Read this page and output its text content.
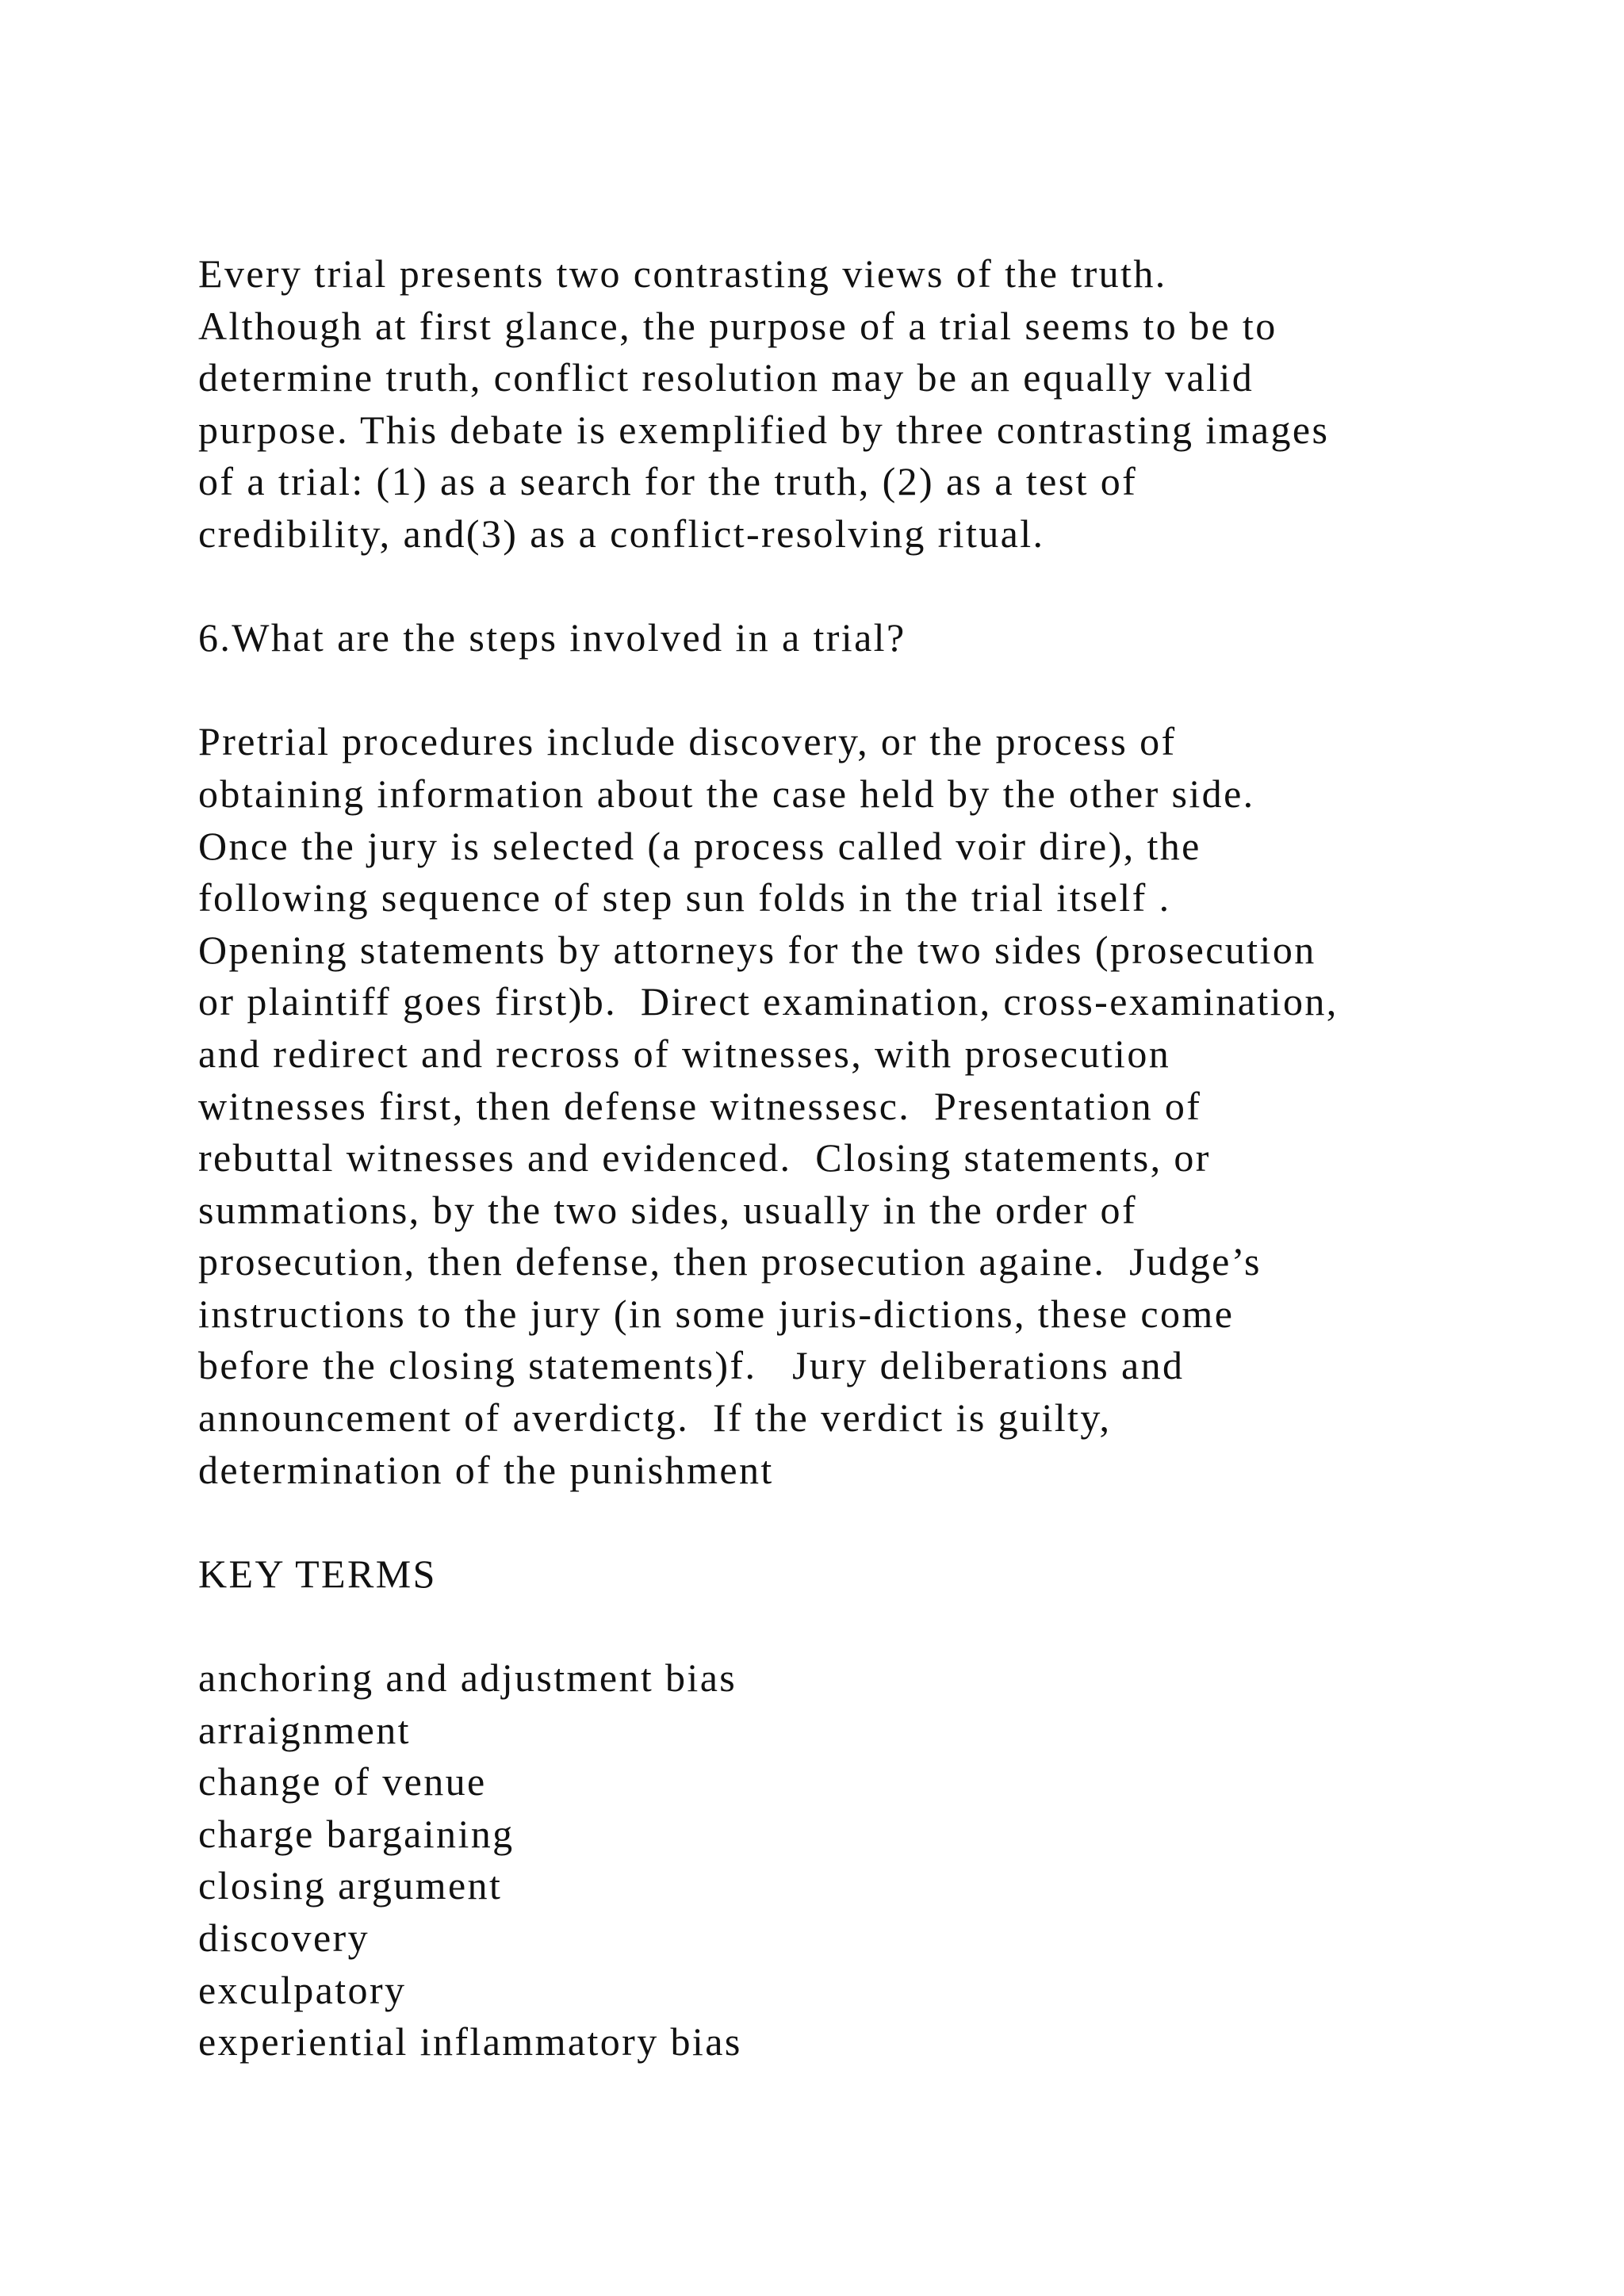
Every trial presents two contrasting views of the truth.
Although at first glance, the purpose of a trial seems to be to
determine truth, conflict resolution may be an equally valid
purpose. This debate is exemplified by three contrasting images
of a trial: (1) as a search for the truth, (2) as a test of
credibility, and(3) as a conflict-resolving ritual.
6.What are the steps involved in a trial?
Pretrial procedures include discovery, or the process of
obtaining information about the case held by the other side.
Once the jury is selected (a process called voir dire), the
following sequence of step sun folds in the trial itself .
Opening statements by attorneys for the two sides (prosecution
or plaintiff goes first)b.  Direct examination, cross-examination,
and redirect and recross of witnesses, with prosecution
witnesses first, then defense witnessesc.  Presentation of
rebuttal witnesses and evidenced.  Closing statements, or
summations, by the two sides, usually in the order of
prosecution, then defense, then prosecution againe.  Judge’s
instructions to the jury (in some juris-dictions, these come
before the closing statements)f.   Jury deliberations and
announcement of averdictg.  If the verdict is guilty,
determination of the punishment
KEY TERMS
anchoring and adjustment bias
arraignment
change of venue
charge bargaining
closing argument
discovery
exculpatory
experiential inflammatory bias
